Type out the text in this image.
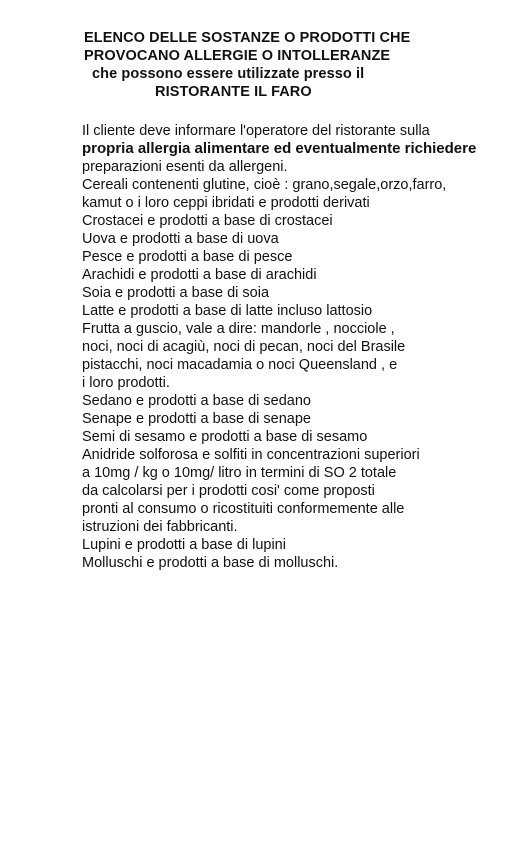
ELENCO DELLE SOSTANZE O PRODOTTI CHE
PROVOCANO ALLERGIE O INTOLLERANZE
che possono essere utilizzate presso il
RISTORANTE IL FARO

Il cliente deve informare l'operatore del ristorante sulla
propria allergia alimentare ed eventualmente richiedere
preparazioni esenti da allergeni.

Cereali contenenti glutine, cioè : grano,segale,orzo,farro,
kamut o i loro ceppi ibridati e prodotti derivati

Crostacei e prodotti a base di crostacei

Uova e prodotti a base di uova

Pesce e prodotti a base di pesce

Arachidi e prodotti a base di arachidi

Soia e prodotti a base di soia

Latte e prodotti a base di latte incluso lattosio

Frutta a guscio, vale a dire: mandorle , nocciole ,
noci, noci di acagiù, noci di pecan, noci del Brasile
pistacchi, noci macadamia o noci Queensland , e
i loro prodotti.

Sedano e prodotti a base di sedano

Senape e prodotti a base di senape

Semi di sesamo e prodotti a base di sesamo

Anidride solforosa e solfiti in concentrazioni superiori
a 10mg / kg o 10mg/ litro in termini di SO 2 totale
da calcolarsi per i prodotti cosi' come proposti
pronti al consumo o ricostituiti conformemente alle
istruzioni dei fabbricanti.

Lupini e prodotti a base di lupini

Molluschi e prodotti a base di molluschi.
